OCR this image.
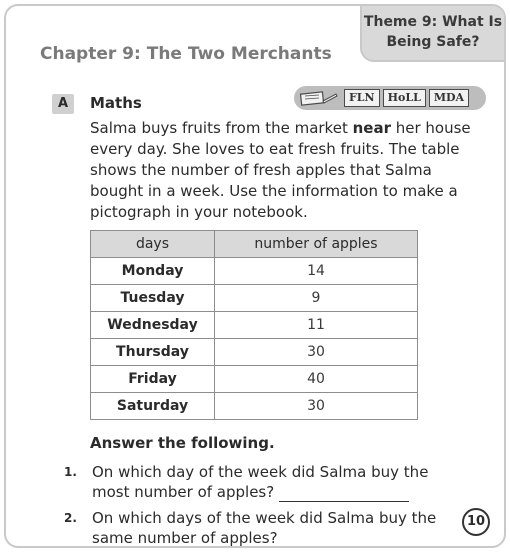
Theme 9: What Is
Being Safe?
Chapter 9: The Two Merchants
A	Maths	FLN	HoLL	MDA
Salma buys fruits from the market near her house every day. She loves to eat fresh fruits. The table shows the number of fresh apples that Salma bought in a week. Use the information to make a pictograph in your notebook.
days	number of apples
Monday	14
Tuesday	9
Wednesday	11
Thursday	30
Friday	40
Saturday	30
Answer the following.
1. On which day of the week did Salma buy the most number of apples?
2. On which days of the week did Salma buy the same number of apples?
10
